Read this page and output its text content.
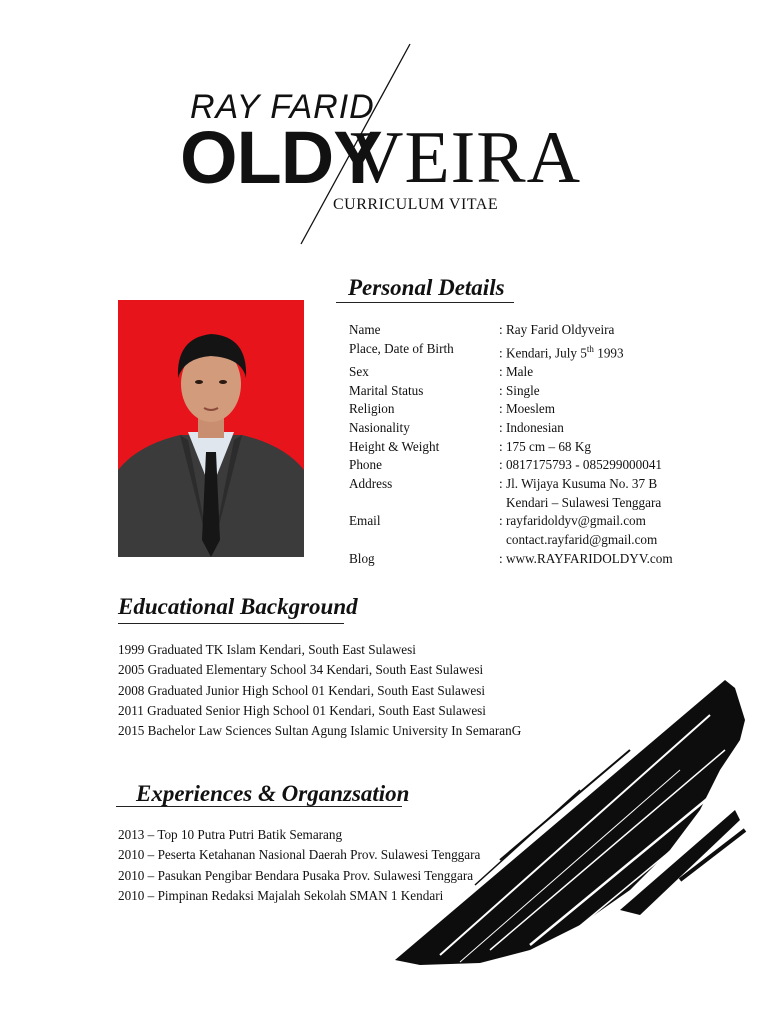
RAY FARID
OLDY
VEIRA
CURRICULUM VITAE
Personal Details
Name	: Ray Farid Oldyveira
Place, Date of Birth	: Kendari, July 5th 1993
Sex	: Male
Marital Status	: Single
Religion	: Moeslem
Nasionality	: Indonesian
Height & Weight	: 175 cm – 68 Kg
Phone	: 0817175793 - 085299000041
Address	: Jl. Wijaya Kusuma No. 37 B
Kendari – Sulawesi Tenggara
Email	: rayfaridoldyv@gmail.com
contact.rayfarid@gmail.com
Blog	: www.RAYFARIDOLDYV.com
Educational Background
1999 Graduated TK Islam Kendari, South East Sulawesi
2005 Graduated Elementary School 34 Kendari, South East Sulawesi
2008 Graduated Junior High School 01 Kendari, South East Sulawesi
2011 Graduated Senior High School 01 Kendari, South East Sulawesi
2015 Bachelor Law Sciences Sultan Agung Islamic University In SemaranG
Experiences & Organzsation
2013 – Top 10 Putra Putri Batik Semarang
2010 – Peserta Ketahanan Nasional Daerah Prov. Sulawesi Tenggara
2010 – Pasukan Pengibar Bendara Pusaka Prov. Sulawesi Tenggara
2010 – Pimpinan Redaksi Majalah Sekolah SMAN 1 Kendari
